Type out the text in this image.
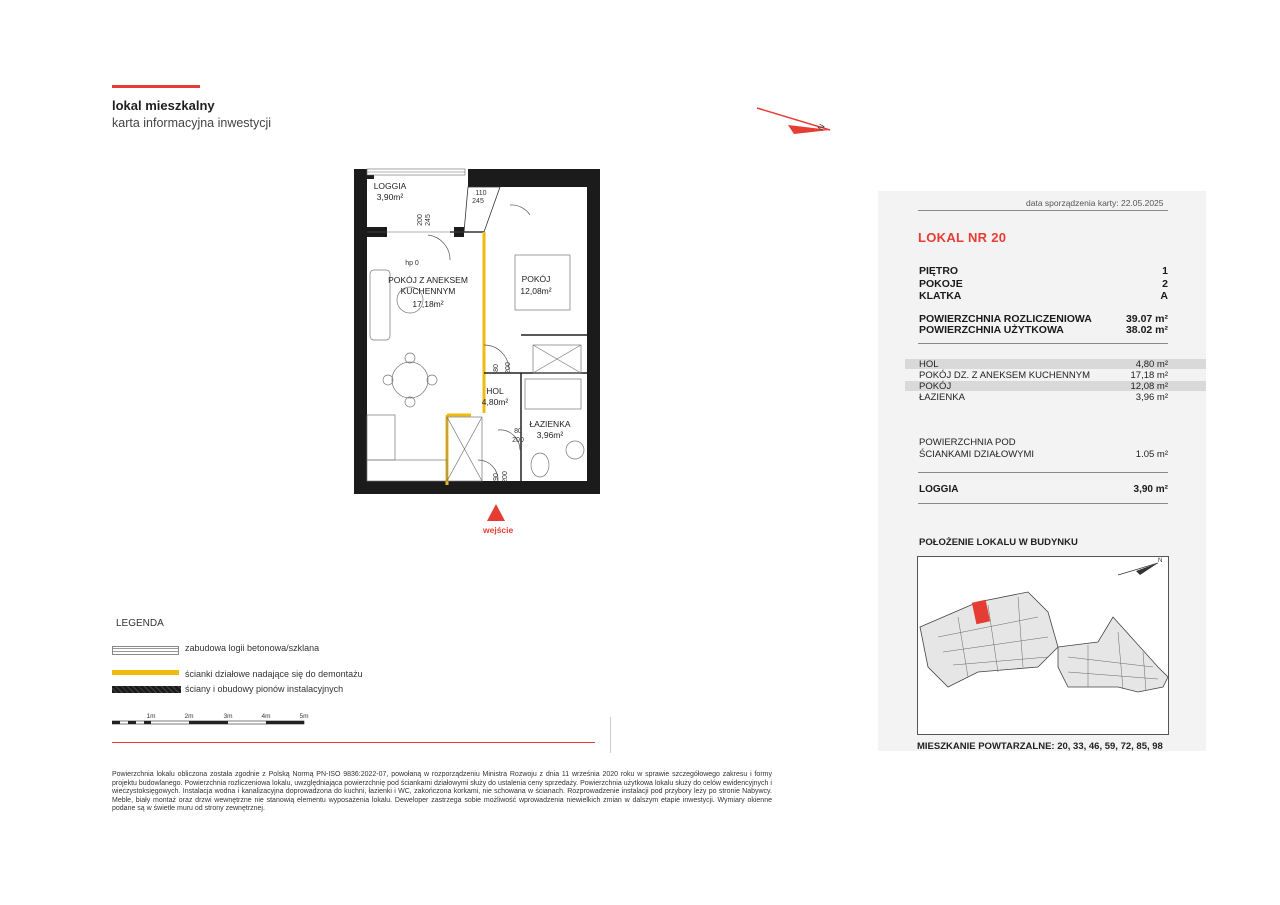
lokal mieszkalny
karta informacyjna inwestycji	N
LOGGIA
3,90m²
POKÓJ Z ANEKSEM
KUCHENNYM
17,18m²
POKÓJ
12,08m²
HOL
4,80m²
ŁAZIENKA
3,96m²
110
245
200 245
hp 0
80 200
80
200
90 200
wejście
data sporządzenia karty: 22.05.2025
LOKAL NR 20
PIĘTRO	1
POKOJE	2
KLATKA	A
POWIERZCHNIA ROZLICZENIOWA	39.07 m²
POWIERZCHNIA UŻYTKOWA	38.02 m²
HOL	4,80 m²
POKÓJ DZ. Z ANEKSEM KUCHENNYM	17,18 m²
POKÓJ	12,08 m²
ŁAZIENKA	3,96 m²
POWIERZCHNIA POD
ŚCIANKAMI DZIAŁOWYMI	1.05 m²
LOGGIA	3,90 m²
POŁOŻENIE LOKALU W BUDYNKU
N
MIESZKANIE POWTARZALNE: 20, 33, 46, 59, 72, 85, 98
LEGENDA
zabudowa logii betonowa/szklana
ścianki działowe nadające się do demontażu
ściany i obudowy pionów instalacyjnych
1m	2m	3m	4m	5m
Powierzchnia lokalu obliczona została zgodnie z Polską Normą PN-ISO 9836:2022-07, powołaną w rozporządzeniu Ministra Rozwoju z dnia 11 września 2020 roku w sprawie szczegółowego zakresu i formy projektu budowlanego. Powierzchnia rozliczeniowa lokalu, uwzględniająca powierzchnię pod ściankami działowymi służy do ustalenia ceny sprzedaży. Powierzchnia użytkowa lokalu służy do celów ewidencyjnych i wieczystoksięgowych. Instalacja wodna i kanalizacyjna doprowadzona do kuchni, łazienki i WC, zakończona korkami, nie schowana w ścianach. Rozprowadzenie instalacji pod przybory leży po stronie Nabywcy. Meble, biały montaż oraz drzwi wewnętrzne nie stanowią elementu wyposażenia lokalu. Deweloper zastrzega sobie możliwość wprowadzenia niewielkich zmian w dalszym etapie inwestycji. Wymiary okienne podane są w świetle muru od strony zewnętrznej.
